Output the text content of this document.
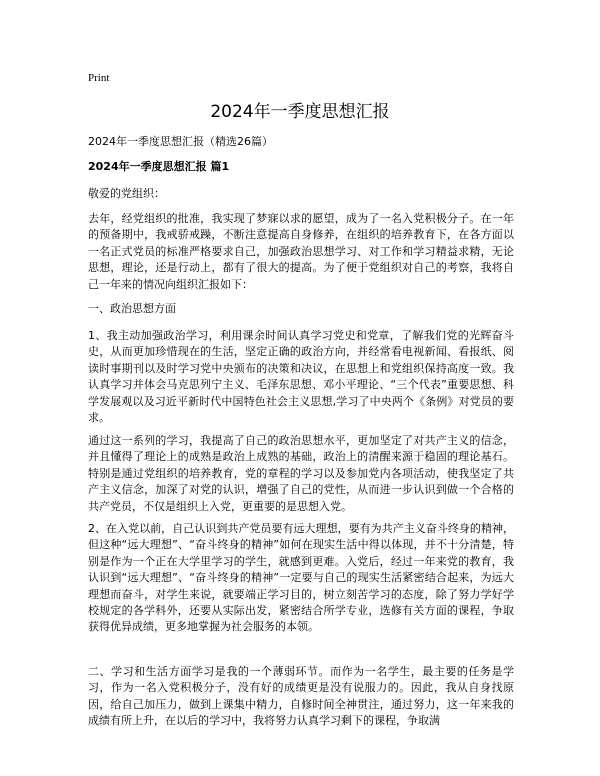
Print
2024年一季度思想汇报
2024年一季度思想汇报（精选26篇）
2024年一季度思想汇报 篇1
敬爱的党组织：

去年，经党组织的批准，我实现了梦寐以求的愿望，成为了一名入党积极分子。在一年的预备期中，我戒骄戒躁，不断注意提高自身修养，在组织的培养教育下，在各方面以一名正式党员的标准严格要求自己，加强政治思想学习、对工作和学习精益求精，无论思想，理论，还是行动上，都有了很大的提高。为了便于党组织对自己的考察，我将自己一年来的情况向组织汇报如下：

一、政治思想方面

1、我主动加强政治学习，利用课余时间认真学习党史和党章，了解我们党的光辉奋斗史，从而更加珍惜现在的生活，坚定正确的政治方向，并经常看电视新闻、看报纸、阅读时事期刊以及时学习党中央颁布的决策和决议，在思想上和党组织保持高度一致。我认真学习并体会马克思列宁主义、毛泽东思想、邓小平理论、“三个代表”重要思想、科学发展观以及习近平新时代中国特色社会主义思想,学习了中央两个《条例》对党员的要求。

通过这一系列的学习，我提高了自己的政治思想水平，更加坚定了对共产主义的信念，并且懂得了理论上的成熟是政治上成熟的基础，政治上的清醒来源于稳固的理论基石。特别是通过党组织的培养教育，党的章程的学习以及参加党内各项活动，使我坚定了共产主义信念，加深了对党的认识，增强了自己的党性，从而进一步认识到做一个合格的共产党员，不仅是组织上入党，更重要的是思想入党。

2、在入党以前，自己认识到共产党员要有远大理想，要有为共产主义奋斗终身的精神，但这种“远大理想”、“奋斗终身的精神”如何在现实生活中得以体现，并不十分清楚，特别是作为一个正在大学里学习的学生，就感到更难。入党后，经过一年来党的教育，我认识到“远大理想”、“奋斗终身的精神”一定要与自己的现实生活紧密结合起来，为远大理想而奋斗，对学生来说，就要端正学习目的，树立刻苦学习的态度，除了努力学好学校规定的各学科外，还要从实际出发，紧密结合所学专业，选修有关方面的课程，争取获得优异成绩，更多地掌握为社会服务的本领。

二、学习和生活方面学习是我的一个薄弱环节。而作为一名学生，最主要的任务是学习，作为一名入党积极分子，没有好的成绩更是没有说服力的。因此，我从自身找原因，给自己加压力，做到上课集中精力，自修时间全神贯注，通过努力，这一年来我的成绩有所上升，在以后的学习中，我将努力认真学习剩下的课程，争取满
